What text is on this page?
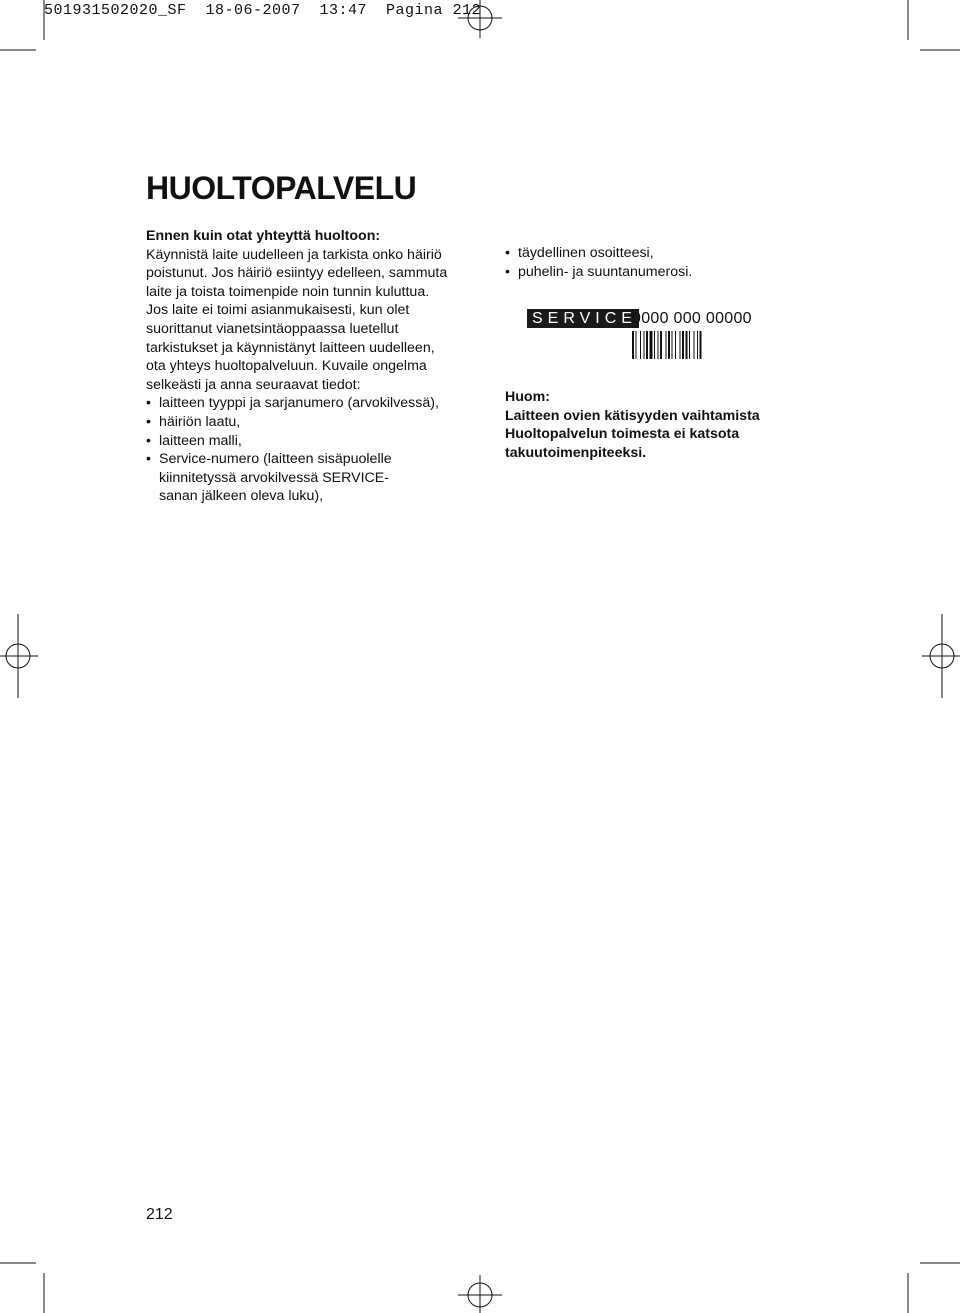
501931502020_SF  18-06-2007  13:47  Pagina 212
HUOLTOPALVELU

Ennen kuin otat yhteyttä huoltoon:

Käynnistä laite uudelleen ja tarkista onko häiriö

poistunut. Jos häiriö esiintyy edelleen, sammuta

laite ja toista toimenpide noin tunnin kuluttua.

Jos laite ei toimi asianmukaisesti, kun olet

suorittanut vianetsintäoppaassa luetellut

tarkistukset ja käynnistänyt laitteen uudelleen,

ota yhteys huoltopalveluun. Kuvaile ongelma

selkeästi ja anna seuraavat tiedot:

• laitteen tyyppi ja sarjanumero (arvokilvessä),
• häiriön laatu,
• laitteen malli,
• Service-numero (laitteen sisäpuolelle kiinnitetyssä arvokilvessä SERVICE-sanan jälkeen oleva luku),
• täydellinen osoitteesi,
• puhelin- ja suuntanumerosi.
SERVICE
0000 000 00000

Huom:

Laitteen ovien kätisyyden vaihtamista

Huoltopalvelun toimesta ei katsota

takuutoimenpiteeksi.

212
